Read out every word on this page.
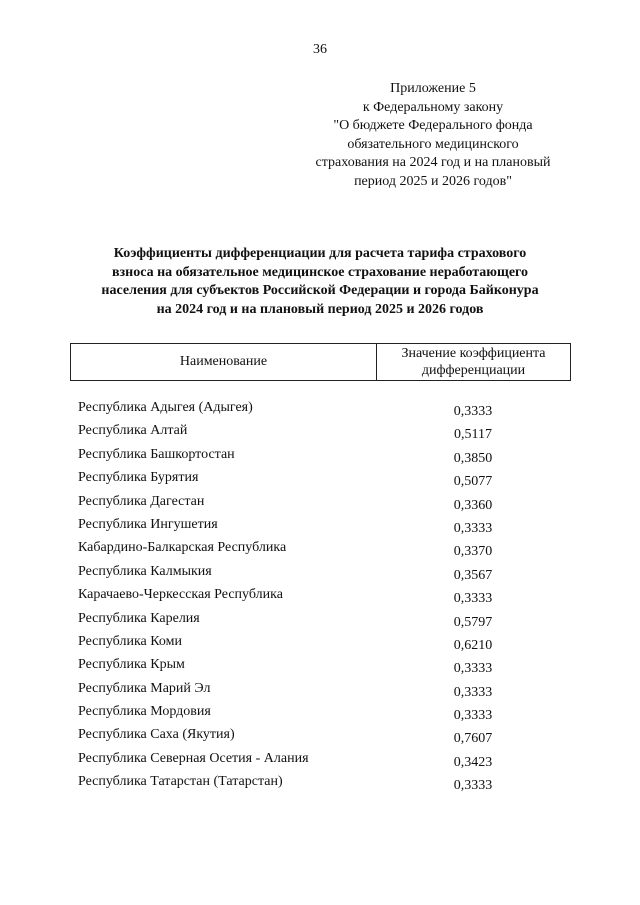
36
Приложение 5
к Федеральному закону
"О бюджете Федерального фонда
обязательного медицинского
страхования на 2024 год и на плановый
период 2025 и 2026 годов"
Коэффициенты дифференциации для расчета тарифа страхового
взноса на обязательное медицинское страхование неработающего
населения для субъектов Российской Федерации и города Байконура
на 2024 год и на плановый период 2025 и 2026 годов
Наименование
Значение коэффициента
дифференциации
Республика Адыгея (Адыгея)	0,3333
Республика Алтай	0,5117
Республика Башкортостан	0,3850
Республика Бурятия	0,5077
Республика Дагестан	0,3360
Республика Ингушетия	0,3333
Кабардино-Балкарская Республика	0,3370
Республика Калмыкия	0,3567
Карачаево-Черкесская Республика	0,3333
Республика Карелия	0,5797
Республика Коми	0,6210
Республика Крым	0,3333
Республика Марий Эл	0,3333
Республика Мордовия	0,3333
Республика Саха (Якутия)	0,7607
Республика Северная Осетия - Алания	0,3423
Республика Татарстан (Татарстан)	0,3333
